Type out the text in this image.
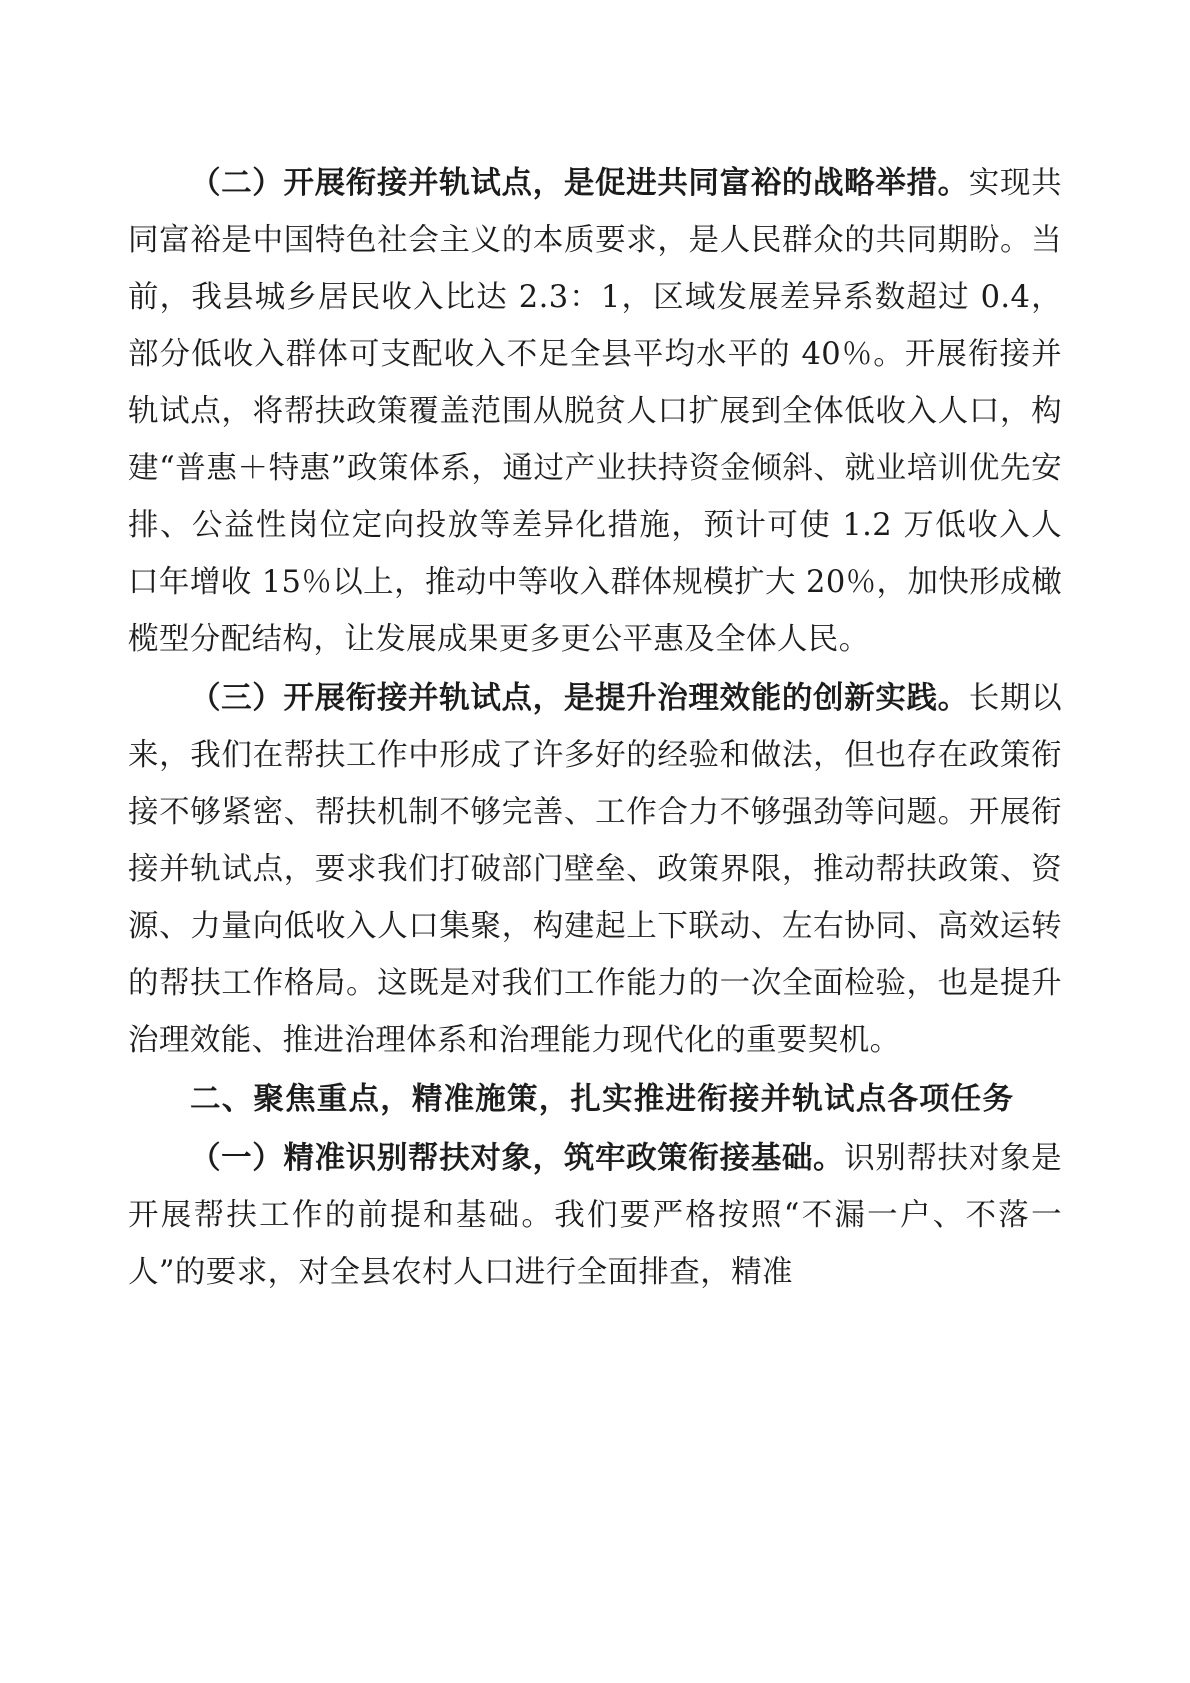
（二）开展衔接并轨试点，是促进共同富裕的战略举措。实现共同富裕是中国特色社会主义的本质要求，是人民群众的共同期盼。当前，我县城乡居民收入比达 2.3：1，区域发展差异系数超过 0.4，部分低收入群体可支配收入不足全县平均水平的 40％。开展衔接并轨试点，将帮扶政策覆盖范围从脱贫人口扩展到全体低收入人口，构建“普惠＋特惠”政策体系，通过产业扶持资金倾斜、就业培训优先安排、公益性岗位定向投放等差异化措施，预计可使 1.2 万低收入人口年增收 15％以上，推动中等收入群体规模扩大 20％，加快形成橄榄型分配结构，让发展成果更多更公平惠及全体人民。

（三）开展衔接并轨试点，是提升治理效能的创新实践。长期以来，我们在帮扶工作中形成了许多好的经验和做法，但也存在政策衔接不够紧密、帮扶机制不够完善、工作合力不够强劲等问题。开展衔接并轨试点，要求我们打破部门壁垒、政策界限，推动帮扶政策、资源、力量向低收入人口集聚，构建起上下联动、左右协同、高效运转的帮扶工作格局。这既是对我们工作能力的一次全面检验，也是提升治理效能、推进治理体系和治理能力现代化的重要契机。

二、聚焦重点，精准施策，扎实推进衔接并轨试点各项任务

（一）精准识别帮扶对象，筑牢政策衔接基础。识别帮扶对象是开展帮扶工作的前提和基础。我们要严格按照“不漏一户、不落一人”的要求，对全县农村人口进行全面排查，精准
